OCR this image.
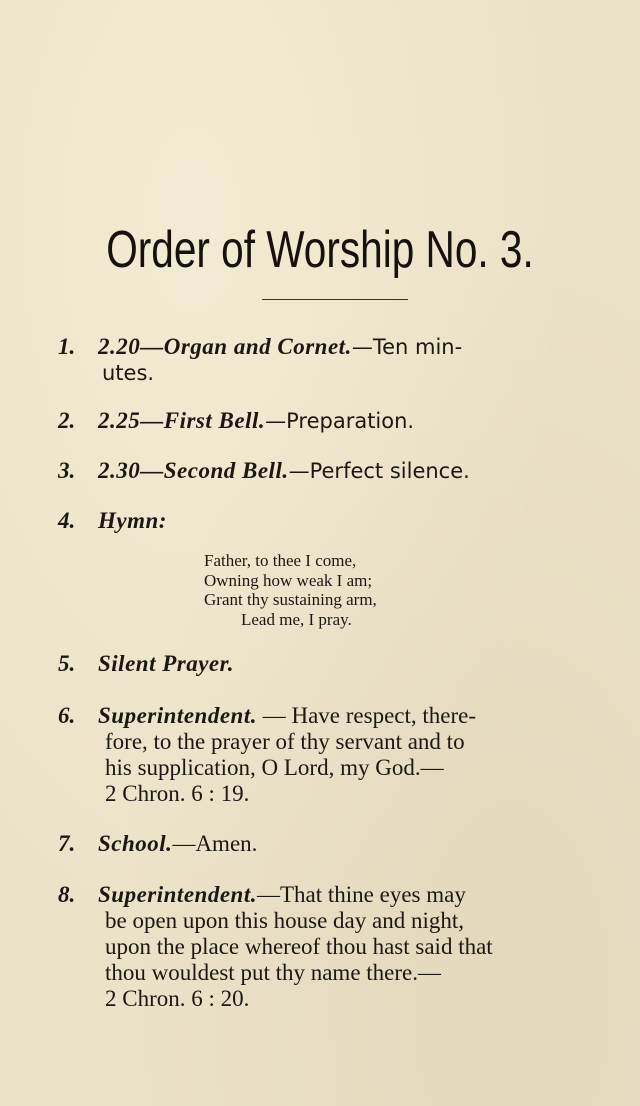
Order of Worship No. 3.
1. 2.20—Organ and Cornet.—Ten min-
utes.
2. 2.25—First Bell.—Preparation.
3. 2.30—Second Bell.—Perfect silence.
4. Hymn:
Father, to thee I come,
Owning how weak I am;
Grant thy sustaining arm,
Lead me, I pray.
5. Silent Prayer.
6. Superintendent. — Have respect, there-
fore, to the prayer of thy servant and to
his supplication, O Lord, my God.—
2 Chron. 6 : 19.
7. School.—Amen.
8. Superintendent.—That thine eyes may
be open upon this house day and night,
upon the place whereof thou hast said that
thou wouldest put thy name there.—
2 Chron. 6 : 20.
